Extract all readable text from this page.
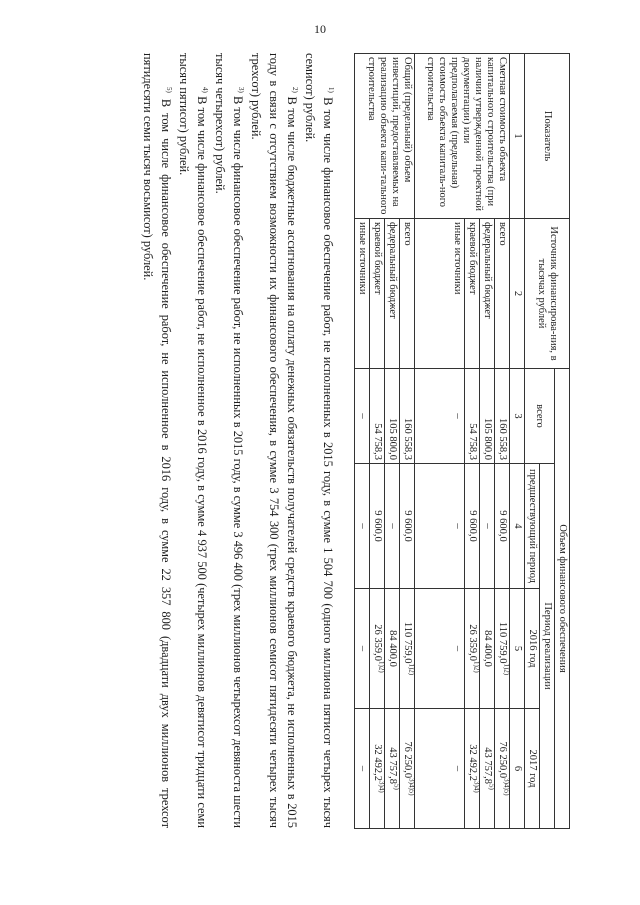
10
Показатель	Источник финансирова-ния, в тысячах рублей	Объем финансового обеспечения			
		всего	Период реализации		
			предшествующий период	2016 год	2017 год
1	2	3	4	5	6
Сметная стоимость объекта капитального строительства (при наличии утвержденной проектной документации) или предполагаемая (предельная) стоимость объекта капиталь-ного строительства	всего	160 558,3	9 600,0	110 $759,0^{1)2)}$	76 $250,0^{3)4)5)}$
	федеральный бюджет	105 800,0	–	84 400,0	43 757,8$^{5)}$
	краевой бюджет	54 758,3	9 600,0	26 $359,0^{1)2)}$	32 $492,2^{3)4)}$
	иные источники	–	–	–	–
Общий (предельный) объем инвестиций, предоставляемых на реализацию объекта капи-тального строительства	всего	160 558,3	9 600,0	110 $759,0^{1)2)}$	76 $250,0^{3)4)5)}$
	федеральный бюджет	105 800,0	–	84 400,0	43 757,8$^{5)}$
	краевой бюджет	54 758,3	9 600,0	26 $359,0^{1)2)}$	32 $492,2^{3)4)}$
	иные источники	–	–	–	–

$^{1)}$ В том числе финансовое обеспечение работ, не исполненных в 2015 году, в сумме 1 504 700 (одного миллиона пятисот четырех тысяч семисот) рублей.

$^{2)}$ В том числе бюджетные ассигнования на оплату денежных обязательств получателей средств краевого бюджета, не исполненных в 2015 году в связи с отсутствием возможности их финансового обеспечения, в сумме 3 754 300 (трех миллионов семисот пятидесяти четырех тысяч трехсот) рублей.

$^{3)}$ В том числе финансовое обеспечение работ, не исполненных в 2015 году, в сумме 3 496 400 (трех миллионов четырехсот девяноста шести тысяч четырехсот) рублей.

$^{4)}$ В том числе финансовое обеспечение работ, не исполненное в 2016 году, в сумме 4 937 500 (четырех миллионов девятисот тридцати семи тысяч пятисот) рублей.

$^{5)}$ В том числе финансовое обеспечение работ, не исполненное в 2016 году, в сумме 22 357 800 (двадцати двух миллионов трехсот пятидесяти семи тысяч восьмисот) рублей.
